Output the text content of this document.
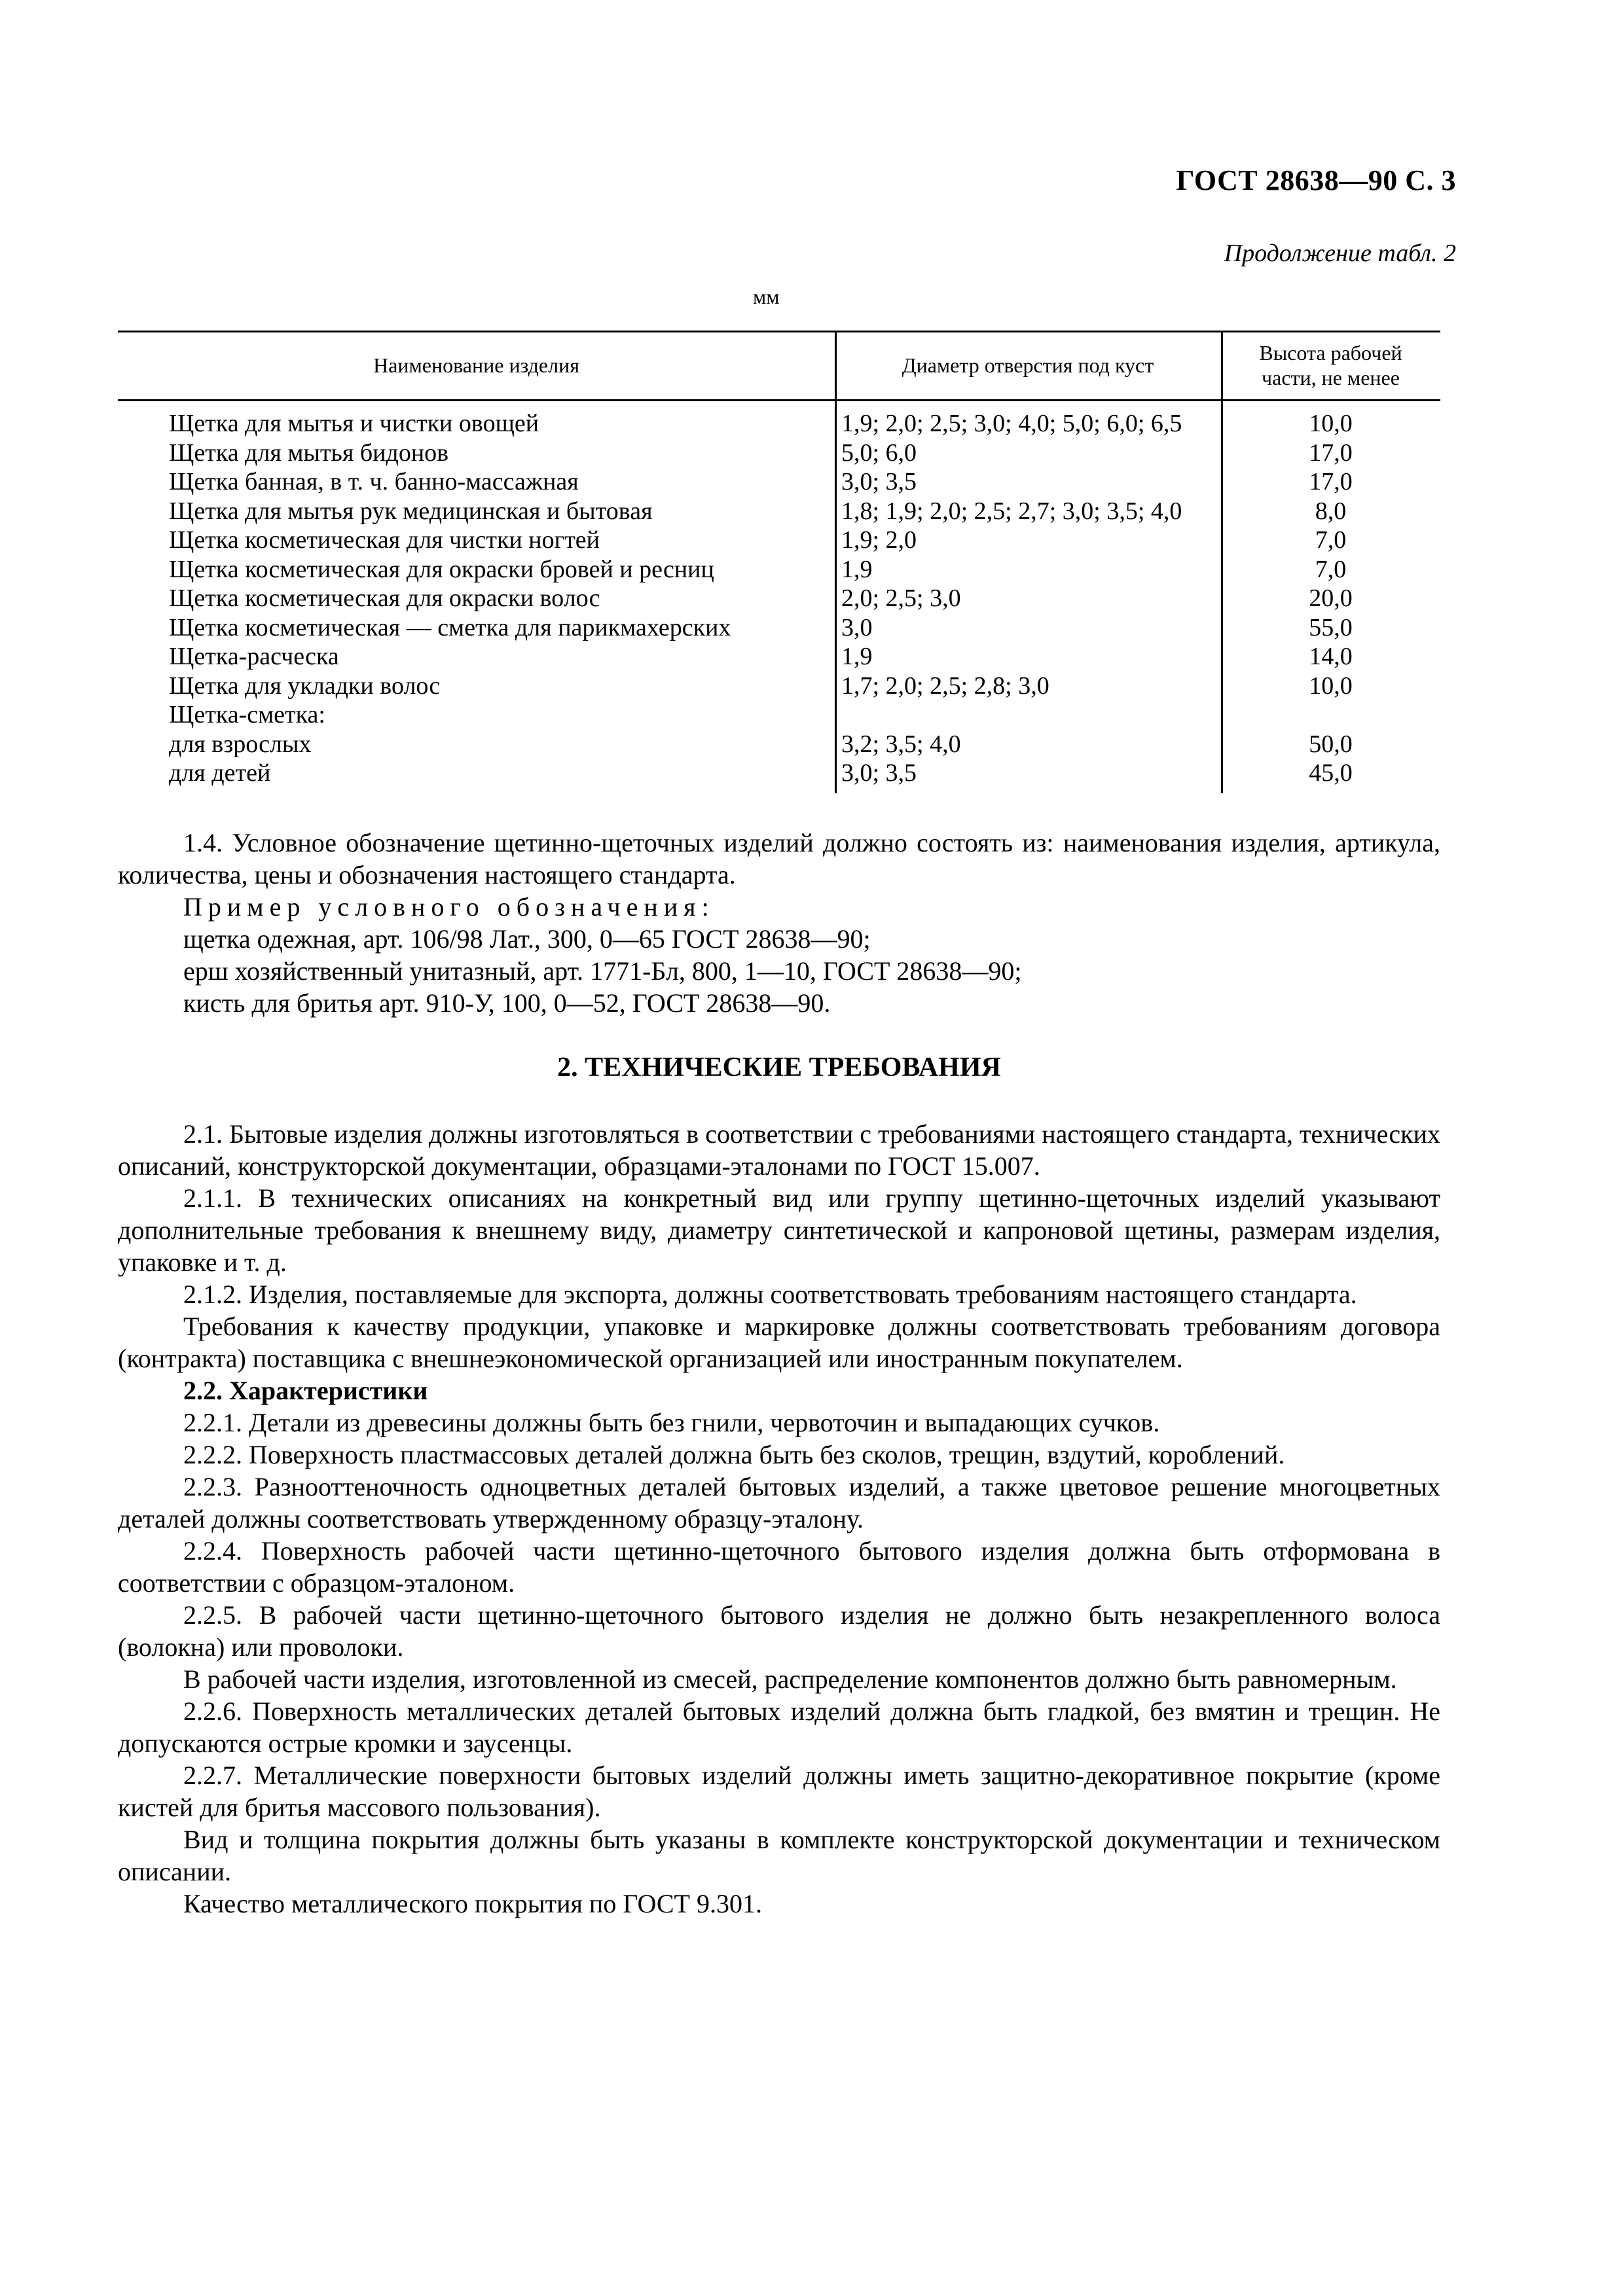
ГОСТ 28638—90 С. 3
Продолжение табл. 2
мм
Наименование изделия	Диаметр отверстия под куст
Высота рабочей
части, не менее
Щетка для мытья и чистки овощей	1,9; 2,0; 2,5; 3,0; 4,0; 5,0; 6,0; 6,5	10,0
Щетка для мытья бидонов	5,0; 6,0	17,0
Щетка банная, в т. ч. банно-массажная	3,0; 3,5	17,0
Щетка для мытья рук медицинская и бытовая	1,8; 1,9; 2,0; 2,5; 2,7; 3,0; 3,5; 4,0	8,0
Щетка косметическая для чистки ногтей	1,9; 2,0	7,0
Щетка косметическая для окраски бровей и ресниц	1,9	7,0
Щетка косметическая для окраски волос	2,0; 2,5; 3,0	20,0
Щетка косметическая — сметка для парикмахерских	3,0	55,0
Щетка-расческа	1,9	14,0
Щетка для укладки волос	1,7; 2,0; 2,5; 2,8; 3,0	10,0
Щетка-сметка:
для взрослых	3,2; 3,5; 4,0	50,0
для детей	3,0; 3,5	45,0

1.4. Условное обозначение щетинно-щеточных изделий должно состоять из: наименования изделия, артикула, количества, цены и обозначения настоящего стандарта.

Пример условного обозначения:

щетка одежная, арт. 106/98 Лат., 300, 0—65 ГОСТ 28638—90;

ерш хозяйственный унитазный, арт. 1771-Бл, 800, 1—10, ГОСТ 28638—90;

кисть для бритья арт. 910-У, 100, 0—52, ГОСТ 28638—90.

2. ТЕХНИЧЕСКИЕ ТРЕБОВАНИЯ

2.1. Бытовые изделия должны изготовляться в соответствии с требованиями настоящего стандарта, технических описаний, конструкторской документации, образцами-эталонами по ГОСТ 15.007.

2.1.1. В технических описаниях на конкретный вид или группу щетинно-щеточных изделий указывают дополнительные требования к внешнему виду, диаметру синтетической и капроновой щетины, размерам изделия, упаковке и т. д.

2.1.2. Изделия, поставляемые для экспорта, должны соответствовать требованиям настоящего стандарта.

Требования к качеству продукции, упаковке и маркировке должны соответствовать требованиям договора (контракта) поставщика с внешнеэкономической организацией или иностранным покупателем.

2.2. Характеристики

2.2.1. Детали из древесины должны быть без гнили, червоточин и выпадающих сучков.

2.2.2. Поверхность пластмассовых деталей должна быть без сколов, трещин, вздутий, короблений.

2.2.3. Разнооттеночность одноцветных деталей бытовых изделий, а также цветовое решение многоцветных деталей должны соответствовать утвержденному образцу-эталону.

2.2.4. Поверхность рабочей части щетинно-щеточного бытового изделия должна быть отформована в соответствии с образцом-эталоном.

2.2.5. В рабочей части щетинно-щеточного бытового изделия не должно быть незакрепленного волоса (волокна) или проволоки.

В рабочей части изделия, изготовленной из смесей, распределение компонентов должно быть равномерным.

2.2.6. Поверхность металлических деталей бытовых изделий должна быть гладкой, без вмятин и трещин. Не допускаются острые кромки и заусенцы.

2.2.7. Металлические поверхности бытовых изделий должны иметь защитно-декоративное покрытие (кроме кистей для бритья массового пользования).

Вид и толщина покрытия должны быть указаны в комплекте конструкторской документации и техническом описании.

Качество металлического покрытия по ГОСТ 9.301.
